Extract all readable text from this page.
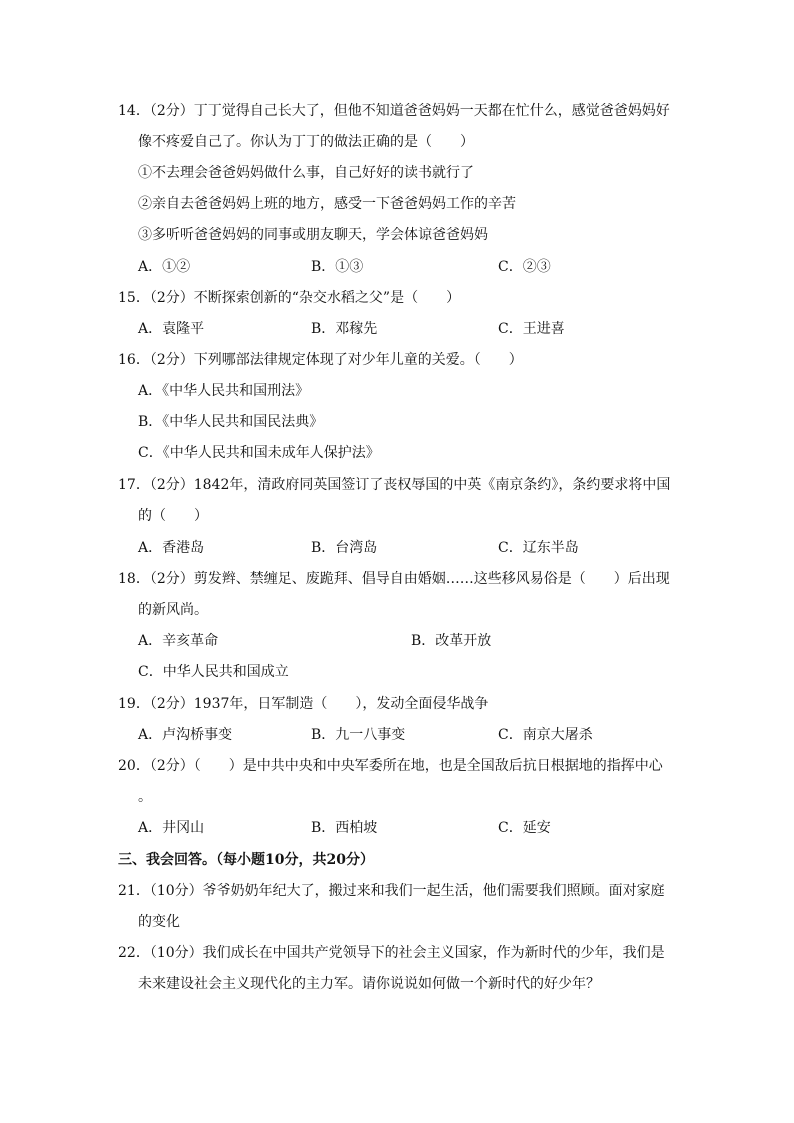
14．（2分）丁丁觉得自己长大了，但他不知道爸爸妈妈一天都在忙什么，感觉爸爸妈妈好
像不疼爱自己了。你认为丁丁的做法正确的是（　　）
①不去理会爸爸妈妈做什么事，自己好好的读书就行了
②亲自去爸爸妈妈上班的地方，感受一下爸爸妈妈工作的辛苦
③多听听爸爸妈妈的同事或朋友聊天，学会体谅爸爸妈妈
A．①②	B．①③	C．②③
15．（2分）不断探索创新的“杂交水稻之父”是（　　）
A．袁隆平	B．邓稼先	C．王进喜
16．（2分）下列哪部法律规定体现了对少年儿童的关爱。（　　）
A．《中华人民共和国刑法》
B．《中华人民共和国民法典》
C．《中华人民共和国未成年人保护法》
17．（2分）1842年，清政府同英国签订了丧权辱国的中英《南京条约》，条约要求将中国
的（　　）
A．香港岛	B．台湾岛	C．辽东半岛
18．（2分）剪发辫、禁缠足、废跪拜、倡导自由婚姻……这些移风易俗是（　　）后出现
的新风尚。
A．辛亥革命	B．改革开放
C．中华人民共和国成立
19．（2分）1937年，日军制造（　　），发动全面侵华战争
A．卢沟桥事变	B．九一八事变	C．南京大屠杀
20．（2分）（　　）是中共中央和中央军委所在地，也是全国敌后抗日根据地的指挥中心
。
A．井冈山	B．西柏坡	C．延安
三、我会回答。（每小题10分，共20分）
21．（10分）爷爷奶奶年纪大了，搬过来和我们一起生活，他们需要我们照顾。面对家庭
的变化
22．（10分）我们成长在中国共产党领导下的社会主义国家，作为新时代的少年，我们是
未来建设社会主义现代化的主力军。请你说说如何做一个新时代的好少年？
